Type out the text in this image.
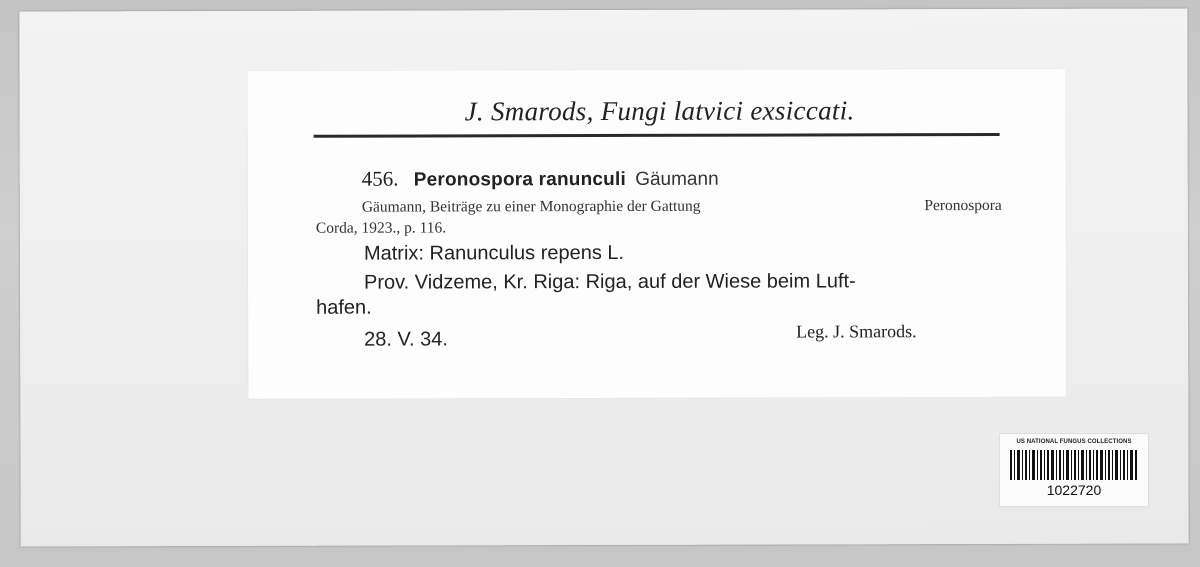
J. Smarods, Fungi latvici exsiccati.
456. Peronospora ranunculi Gäumann
Gäumann, Beiträge zu einer Monographie der Gattung	Peronospora
Corda, 1923., p. 116.
Matrix: Ranunculus repens L.
Prov. Vidzeme, Kr. Riga: Riga, auf der Wiese beim Luft-
hafen.
28. V. 34.	Leg. J. Smarods.
US NATIONAL FUNGUS COLLECTIONS
1022720
